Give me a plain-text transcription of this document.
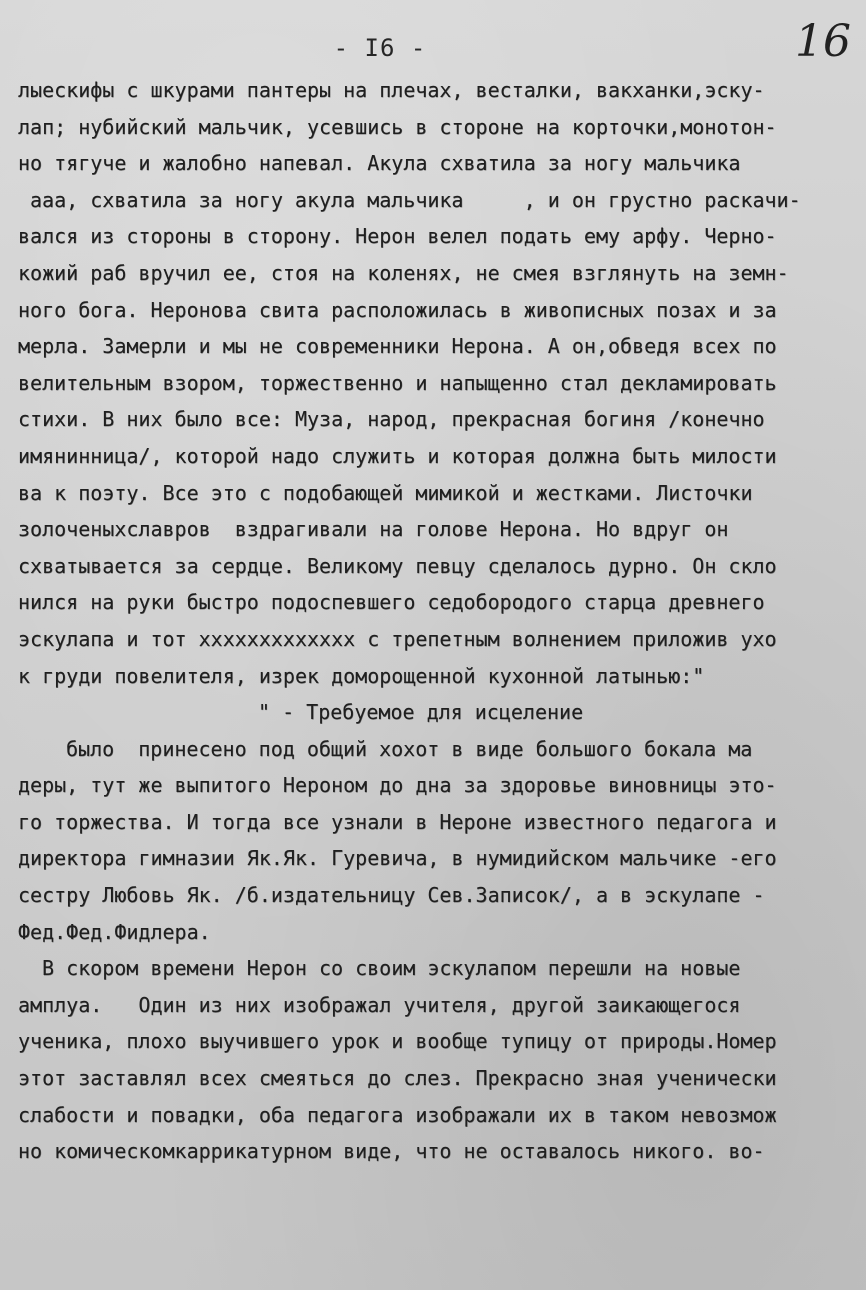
16
- I6 -
лыескифы с шкурами пантеры на плечах, весталки, вакханки,эску-
лап; нубийский мальчик, усевшись в стороне на корточки,монотон-
но тягуче и жалобно напевал. Акула схватила за ногу мальчика
ааа, схватила за ногу акула мальчика     , и он грустно раскачи-
вался из стороны в сторону. Нерон велел подать ему арфу. Черно-
кожий раб вручил ее, стоя на коленях, не смея взглянуть на земн-
ного бога. Неронова свита расположилась в живописных позах и за
мерла. Замерли и мы не современники Нерона. А он,обведя всех по
велительным взором, торжественно и напыщенно стал декламировать
стихи. В них было все: Муза, народ, прекрасная богиня /конечно
имянинница/, которой надо служить и которая должна быть милости
ва к поэту. Все это с подобающей мимикой и жестками. Листочки
золоченыхславров  вздрагивали на голове Нерона. Но вдруг он
схватывается за сердце. Великому певцу сделалось дурно. Он скло
нился на руки быстро подоспевшего седобородого старца древнего
эскулапа и тот xxxxxxxxxxxxx с трепетным волнением приложив ухо
к груди повелителя, изрек доморощенной кухонной латынью:"
" - Требуемое для исцеление
было  принесено под общий хохот в виде большого бокала ма
деры, тут же выпитого Нероном до дна за здоровье виновницы это-
го торжества. И тогда все узнали в Нероне известного педагога и
директора гимназии Як.Як. Гуревича, в нумидийском мальчике -его
сестру Любовь Як. /б.издательницу Сев.Записок/, а в эскулапе -
Фед.Фед.Фидлера.
В скором времени Нерон со своим эскулапом перешли на новые
амплуа.   Один из них изображал учителя, другой заикающегося
ученика, плохо выучившего урок и вообще тупицу от природы.Номер
этот заставлял всех смеяться до слез. Прекрасно зная ученически
слабости и повадки, оба педагога изображали их в таком невозмож
но комическомкаррикатурном виде, что не оставалось никого. во-
